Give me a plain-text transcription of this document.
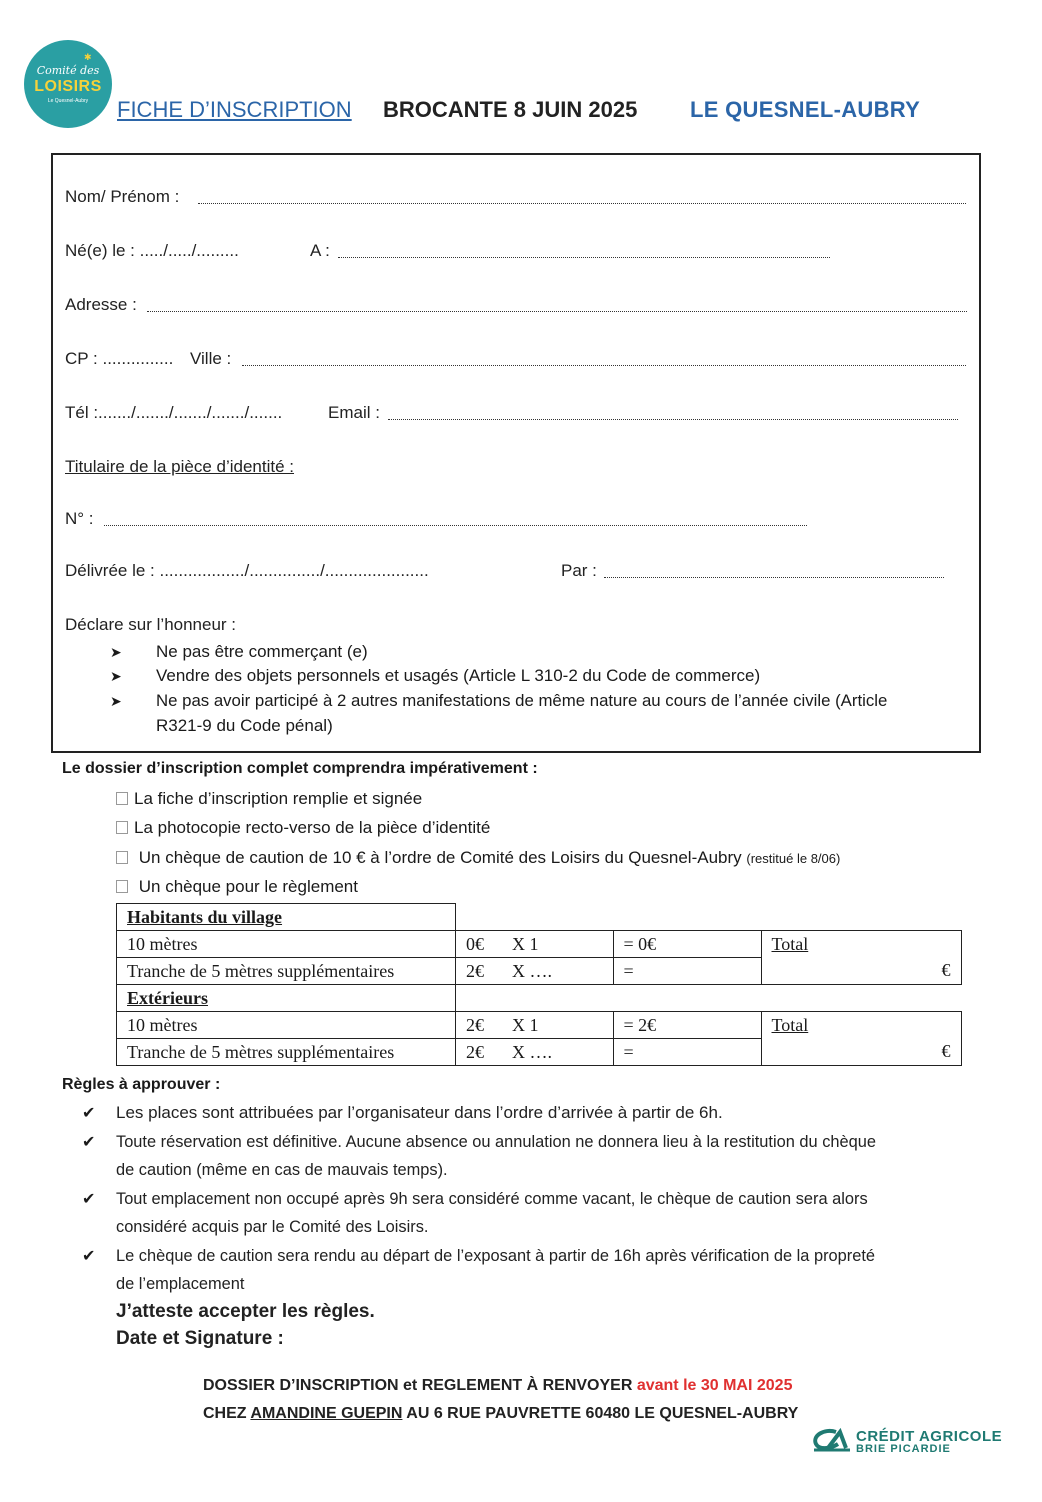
✱
Comité des
LOISIRS
Le Quesnel-Aubry	FICHE D’INSCRIPTION BROCANTE 8 JUIN 2025 LE QUESNEL-AUBRY
Nom/ Prénom :
Né(e) le : ...../...../.........	A :
Adresse :
CP : ............... Ville :
Tél :......./......./......./......./.......	Email :
Titulaire de la pièce d’identité :
N° :
Délivrée le : ................../.............../......................	Par :
Déclare sur l’honneur :
➤ Ne pas être commerçant (e)
➤ Vendre des objets personnels et usagés (Article L 310-2 du Code de commerce)
➤ Ne pas avoir participé à 2 autres manifestations de même nature au cours de l’année civile (Article
R321-9 du Code pénal)
Le dossier d’inscription complet comprendra impérativement :
La fiche d’inscription remplie et signée
La photocopie recto-verso de la pièce d’identité
Un chèque de caution de 10 € à l’ordre de Comité des Loisirs du Quesnel-Aubry (restitué le 8/06)
Un chèque pour le règlement
Habitants du village			
10 mètres	0€ X 1	= 0€	Total
Tranche de 5 mètres supplémentaires	2€ X ….	=	€
Extérieurs			
10 mètres	2€ X 1	= 2€	Total
Tranche de 5 mètres supplémentaires	2€ X ….	=	€
Règles à approuver :
✔ Les places sont attribuées par l’organisateur dans l’ordre d’arrivée à partir de 6h.
✔ Toute réservation est définitive. Aucune absence ou annulation ne donnera lieu à la restitution du chèque
de caution (même en cas de mauvais temps).
✔ Tout emplacement non occupé après 9h sera considéré comme vacant, le chèque de caution sera alors
considéré acquis par le Comité des Loisirs.
✔ Le chèque de caution sera rendu au départ de l’exposant à partir de 16h après vérification de la propreté
de l’emplacement
J’atteste accepter les règles.
Date et Signature :
DOSSIER D’INSCRIPTION et REGLEMENT À RENVOYER avant le 30 MAI 2025
CHEZ AMANDINE GUEPIN AU 6 RUE PAUVRETTE 60480 LE QUESNEL-AUBRY
CRÉDIT AGRICOLE
BRIE PICARDIE
